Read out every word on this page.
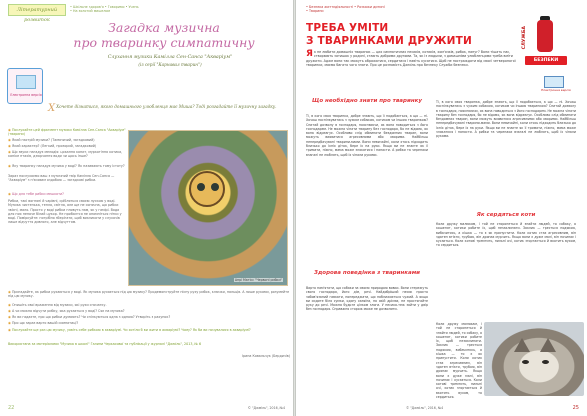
Літературний розвиток
• Шкільне здоров'я • Говоримо • Учень
• На золотий мишелом
Загадка музична
про тваринку симпатичну
Слухання музики Камілла Сен-Санса "Акваріум"
(із серії "Карнавал тварин")
Електронна версія
Х Хочете дізнатися, якого домашнього улюбленця має Миша? Тоді розгадайте її музичну загадку.
◉ Послухайте цей фрагмент музики Камілла Сен-Санса "Акваріум" (тварини)
◉ Який настрій музики? (Таємничий, загадковий)
◉ Який характер? (Легкий, прозорий, загадковий)
◉ Що звуки нагадує мелодія: цокання копит, муркотіння котика, каніке птахів, дзюрчання води чи щось інше?
◉ Яку тваринку нагадує музика у воді? Як називають тому істоту?
Зараз послухаємо ваш з музичний твір Камілла Сен-Санса — "Акваріум" з п'єсовим оздобою — загадкові рибки.
◉ Що для тебе рибки мешкати?
Рибки, такі вогняні й чарівні, срібляться своєю лускою у воді. Музика чистенька, тепла, світла, але ще не сонячна, що рибки звісні, мало. Просто у воді рибки пливуть нам, як у гамірі. Вода для них неначе білий цукор. Не прибалтся не опомніться нітки у воді. Поміркуйте: потрібно зберігати, щоб викликати у слухачів лише відчуття дивного, але відчуттям.
Анрі Матісс "Червоні рибки"
◉ Пригадайте, як рибки рухаються у воді. Як музика рухається під цю музику? Продемонструйте пісну руху рибок, ключки, пальців. А лише руками, розумейте під цю музику.
◉ Опишіть свої враження від музики, які рухи спочатку.
◉ А чи можна відчути рибку, яка рухається у воді? Сяє на музика?
◉ Як ви гадаєте, про що рибки думають? Чи спілкуються одна з одною? Утворіть з рахунок?
◉ Про що зараз варто вашій симпатиці?
◉ Послухайте ще раз цю музику, уявіть себе рибкою в акваріумі. Чи хотіли б ви жити в акваріумі? Чому? Як би ви почувалися в акваріумі?
Використана за матеріалами "Музика в школі" Галини Черкасової та публікації у журналі "Джміль", 2013, № 6
Ірина Ковальчук (Бердичів)
22	© "Джміль", 2016, №4
• Безпека життєдіяльності • Розкажи дитині
• Тварини
ТРЕБА УМІТИ
З ТВАРИНКАМИ ДРУЖИТИ	СЛУЖБА
БЕЗПЕКИ
Електронна версія
Як не любити домашніх тваринок — цих симпатичних песиків, котиків, хом'ячків, рибок, папуг? Вони тішать нас, створюють затишок у родині, стають добрими друзями. Та, як із людьми, з домашніми улюбленцями треба вміти дружити. Адже вони так можуть ображатися, сердитися і навіть кусатися. Щоб не постраждати від своєї четвероногої тваринки, маємо багато чого знати. Про це розповість Джміль про безпеку Служби безпеки.
Що необхідно знати про тваринку
Ті, в кого своя тваринка, добре знають, що її подобається, а що — ні. Хочаш поспілкуватись з чужим собакою, котиком чи іншою тваринкою? Спитай дозволу в господаря, пояснюючи, як вона поводиться з його господарем. Не можна чіпати тварину без господаря, бо не відомо, як вона відреагує. Особливо слід обминати бездомних тварин, вони можуть виявитися агресивними або хворими. Найбільш непередбачувані тварини-мами. Вони невичайні, коли хтось підходить близько до їхніх діток, бере їх на руки. Якщо ви не знаєте як її тримати, ніжно, мама може злякатися і напасти. А рибки та черепахи взагалі не люблять, щоб їх чіпали руками.
Здорова поведінка з тваринками
Варто пам'ятати, що собаки за своєю природою вовки. Вони стережуть свого господаря, його дім, речі. Найдобріший песик просто зобов'язаний гавкати, попереджати, що наближається чужий. А якщо ви сидите біля сумки, одягу хазяїна, на якій дрімає, не простягайте руку до речі. Можна будьте цілком злоги. У песика-теж зайти у двір без господаря. Справжня сторож може не дозволити.
Ті, в кого своя тваринка, добре знають, що її подобається, а що — ні. Хочаш поспілкуватись з чужим собакою, котиком чи іншою тваринкою? Спитай дозволу в господаря, пояснюючи, як вона поводиться з його господарем. Не можна чіпати тварину без господаря, бо не відомо, як вона відреагує. Особливо слід обминати бездомних тварин, вони можуть виявитися агресивними або хворими. Найбільш непередбачувані тварини-мами. Вони невичайні, коли хтось підходить близько до їхніх діток, бере їх на руки. Якщо ви не знаєте як її тримати, ніжно, мама може злякатися і напасти. А рибки та черепахи взагалі не люблять, щоб їх чіпали руками.
Як сердяться коти
Коли дружу малюкам, і той не сторонеться й знайти людей, то собаку, а кошенят, котики робите їх, щоб незаклинати. Заклик — тресться подякою, вибачитись, а кішка — то є як припустити. Коли котик стає агресивним, він здатен втікти, трубою, він дряпає мурчить. Якщо вони є дуже малі, він починає і кусається. Коли котові тремтить, пильні очі, котик згортається й вкотить вухом, то сердиться.
Коли дружу малюкам, і той не сторонеться й знайти людей, то собаку, а кошенят, котики робите їх, щоб незаклинати. Заклик — тресться подякою, вибачитись, а кішка — то є як припустити. Коли котик стає агресивним, він здатен втікти, трубою, він дряпає мурчить. Якщо вони є дуже малі, він починає і кусається. Коли котові тремтить, пильні очі, котик згортається й вкотить вухом, то сердиться.
© "Джміль", 2016, №4	25
